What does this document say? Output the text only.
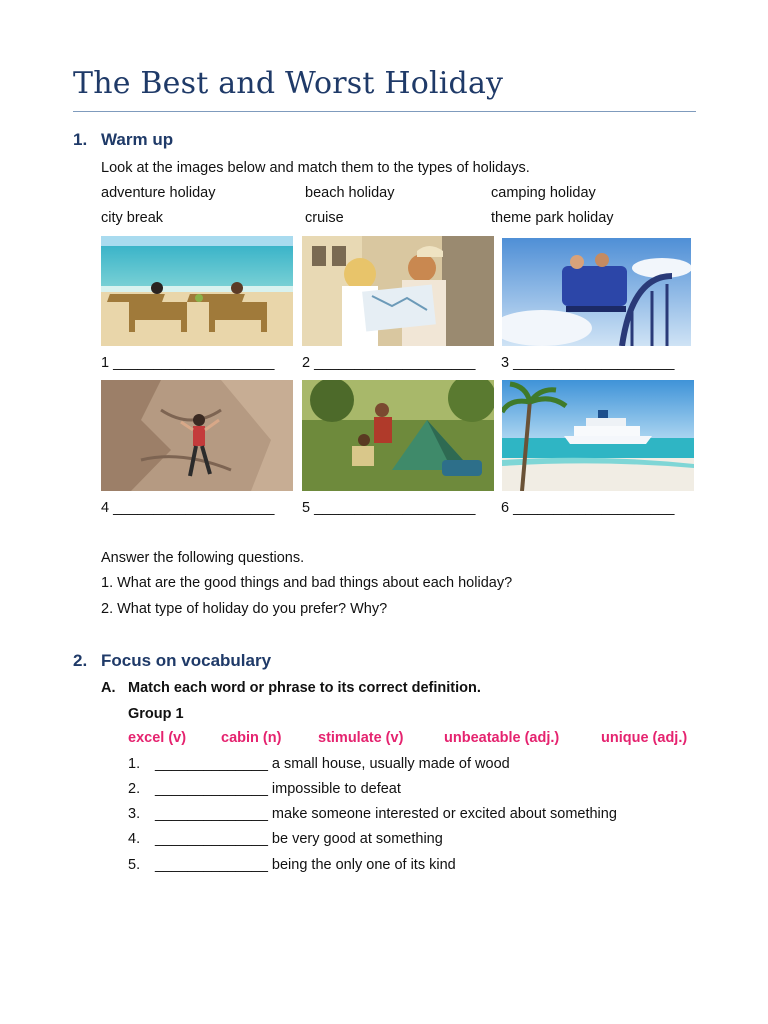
The Best and Worst Holiday
1. Warm up
Look at the images below and match them to the types of holidays.
adventure holiday	beach holiday	camping holiday
city break	cruise	theme park holiday
1 ____________________ 2 ____________________ 3 ____________________
4 ____________________ 5 ____________________ 6 ____________________
Answer the following questions.
1. What are the good things and bad things about each holiday?
2. What type of holiday do you prefer? Why?
2. Focus on vocabulary
A. Match each word or phrase to its correct definition.
Group 1
excel (v) cabin (n)	stimulate (v)	unbeatable (adj.)	unique (adj.)
1. ______________ a small house, usually made of wood
2. ______________ impossible to defeat
3. ______________ make someone interested or excited about something
4. ______________ be very good at something
5. ______________ being the only one of its kind
